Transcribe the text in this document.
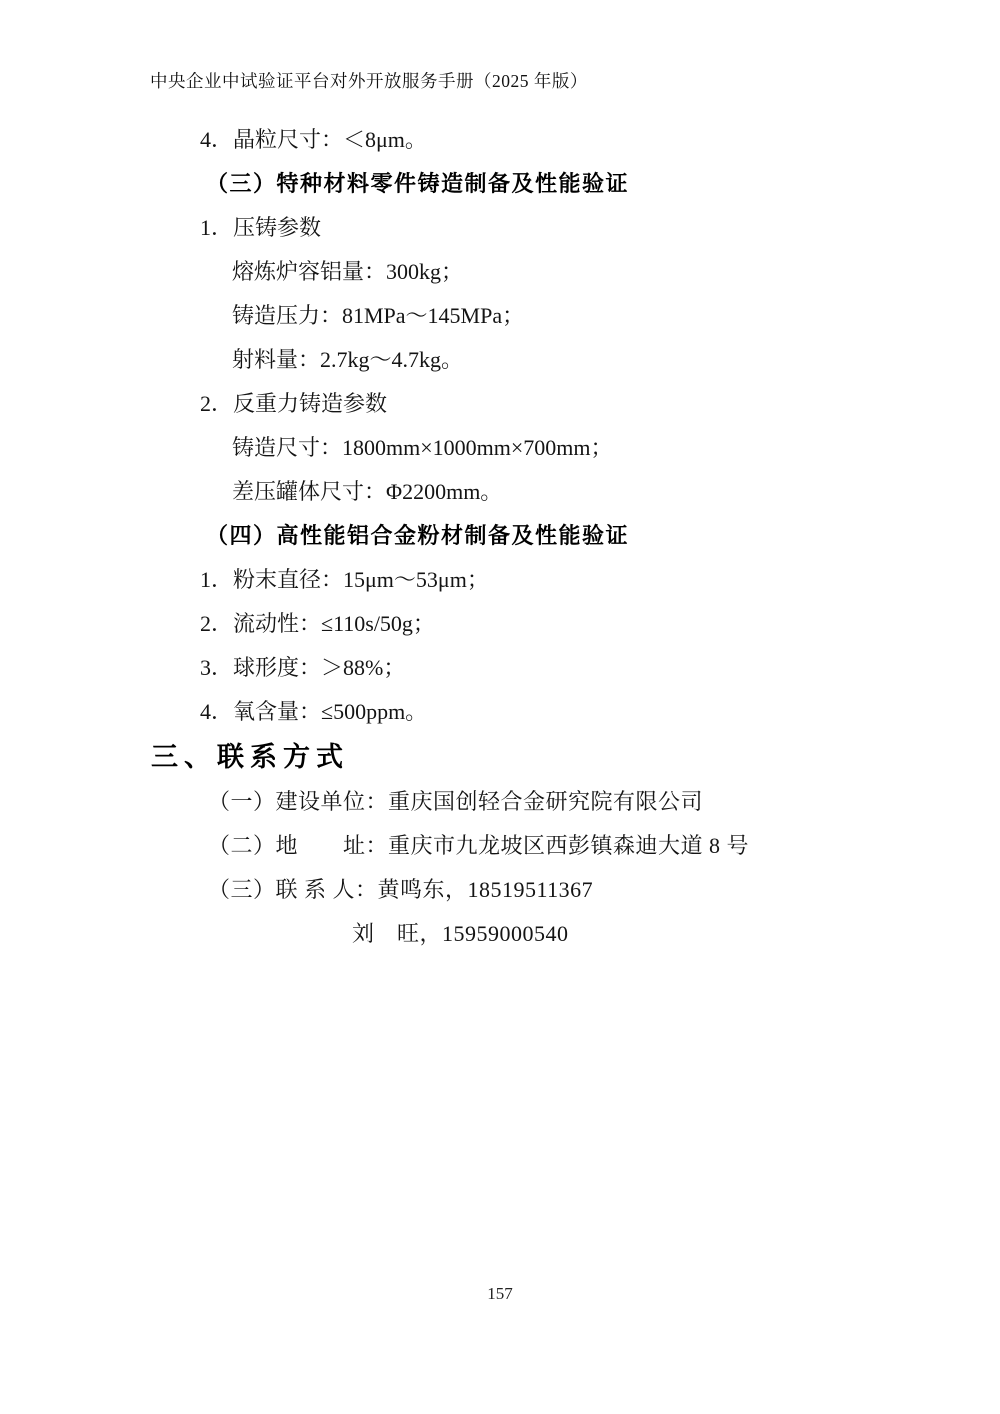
中央企业中试验证平台对外开放服务手册（2025 年版）
4．晶粒尺寸：＜8μm。
（三）特种材料零件铸造制备及性能验证
1．压铸参数
熔炼炉容铝量：300kg；
铸造压力：81MPa～145MPa；
射料量：2.7kg～4.7kg。
2．反重力铸造参数
铸造尺寸：1800mm×1000mm×700mm；
差压罐体尺寸：Φ2200mm。
（四）高性能铝合金粉材制备及性能验证
1．粉末直径：15μm～53μm；
2．流动性：≤110s/50g；
3．球形度：＞88%；
4．氧含量：≤500ppm。
三、联系方式
（一）建设单位：重庆国创轻合金研究院有限公司
（二）地　　址：重庆市九龙坡区西彭镇森迪大道 8 号
（三）联 系 人：黄鸣东，18519511367
刘　旺，15959000540
157
